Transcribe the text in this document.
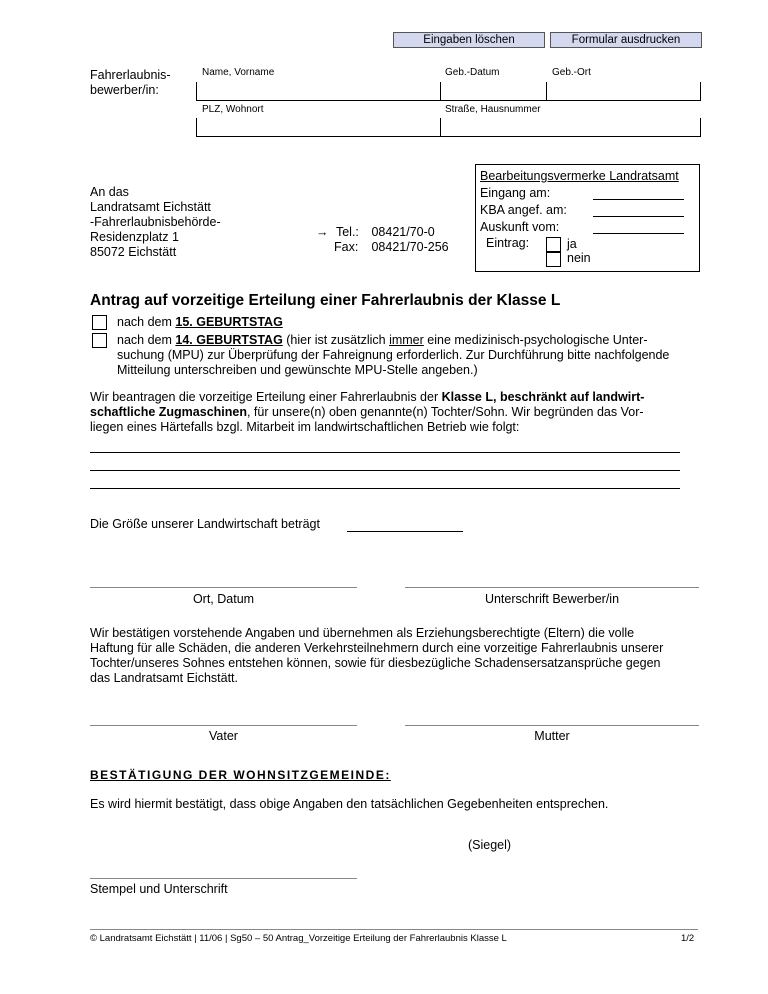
Eingaben löschen	Formular ausdrucken
Fahrerlaubnis-
bewerber/in:
Name, Vorname	Geb.-Datum	Geb.-Ort
PLZ, Wohnort	Straße, Hausnummer
An das
Landratsamt Eichstätt
-Fahrerlaubnisbehörde-
Residenzplatz 1
85072 Eichstätt
→ Tel.: 08421/70-0
Fax: 08421/70-256
Bearbeitungsvermerke Landratsamt
Eingang am:
KBA angef. am:
Auskunft vom:
Eintrag:	ja
nein
Antrag auf vorzeitige Erteilung einer Fahrerlaubnis der Klasse L
nach dem 15. GEBURTSTAG
nach dem 14. GEBURTSTAG (hier ist zusätzlich immer eine medizinisch-psychologische Unter-
suchung (MPU) zur Überprüfung der Fahreignung erforderlich. Zur Durchführung bitte nachfolgende
Mitteilung unterschreiben und gewünschte MPU-Stelle angeben.)
Wir beantragen die vorzeitige Erteilung einer Fahrerlaubnis der Klasse L, beschränkt auf landwirt-
schaftliche Zugmaschinen, für unsere(n) oben genannte(n) Tochter/Sohn. Wir begründen das Vor-
liegen eines Härtefalls bzgl. Mitarbeit im landwirtschaftlichen Betrieb wie folgt:
Die Größe unserer Landwirtschaft beträgt
Ort, Datum	Unterschrift Bewerber/in
Wir bestätigen vorstehende Angaben und übernehmen als Erziehungsberechtigte (Eltern) die volle
Haftung für alle Schäden, die anderen Verkehrsteilnehmern durch eine vorzeitige Fahrerlaubnis unserer
Tochter/unseres Sohnes entstehen können, sowie für diesbezügliche Schadensersatzansprüche gegen
das Landratsamt Eichstätt.
Vater	Mutter
BESTÄTIGUNG DER WOHNSITZGEMEINDE:
Es wird hiermit bestätigt, dass obige Angaben den tatsächlichen Gegebenheiten entsprechen.
(Siegel)
Stempel und Unterschrift
© Landratsamt Eichstätt | 11/06 | Sg50 – 50 Antrag_Vorzeitige Erteilung der Fahrerlaubnis Klasse L	1/2
